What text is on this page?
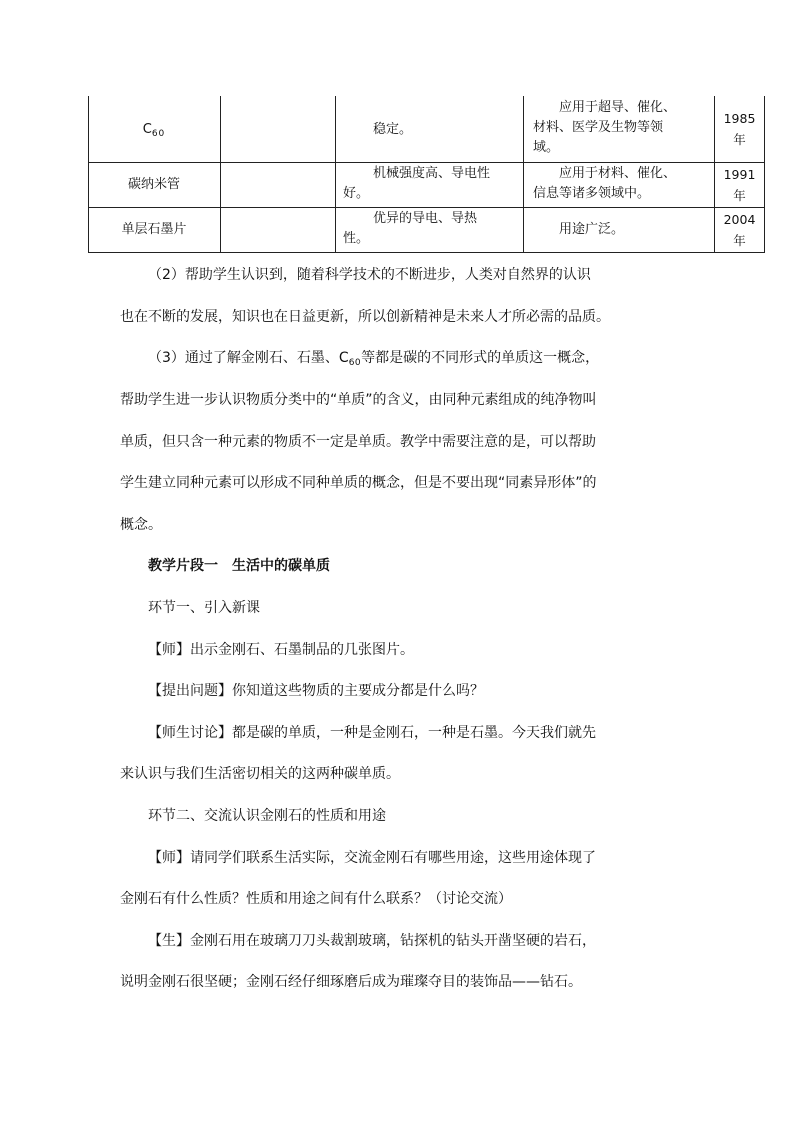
$C_{60}$	稳定。
应用于超导、催化、
材料、医学及生物等领
域。
1985
年
碳纳米管
机械强度高、导电性
好。
应用于材料、催化、
信息等诸多领域中。
1991
年
单层石墨片
优异的导电、导热
性。
用途广泛。
2004
年
（2）帮助学生认识到，随着科学技术的不断进步，人类对自然界的认识
也在不断的发展，知识也在日益更新，所以创新精神是未来人才所必需的品质。
（3）通过了解金刚石、石墨、$C_{60}$等都是碳的不同形式的单质这一概念，
帮助学生进一步认识物质分类中的“单质”的含义，由同种元素组成的纯净物叫
单质，但只含一种元素的物质不一定是单质。教学中需要注意的是，可以帮助
学生建立同种元素可以形成不同种单质的概念，但是不要出现“同素异形体”的
概念。
教学片段一　生活中的碳单质
环节一、引入新课
【师】出示金刚石、石墨制品的几张图片。
【提出问题】你知道这些物质的主要成分都是什么吗？
【师生讨论】都是碳的单质，一种是金刚石，一种是石墨。今天我们就先
来认识与我们生活密切相关的这两种碳单质。
环节二、交流认识金刚石的性质和用途
【师】请同学们联系生活实际，交流金刚石有哪些用途，这些用途体现了
金刚石有什么性质？性质和用途之间有什么联系？（讨论交流）
【生】金刚石用在玻璃刀刀头裁割玻璃，钻探机的钻头开凿坚硬的岩石，
说明金刚石很坚硬；金刚石经仔细琢磨后成为璀璨夺目的装饰品——钻石。
